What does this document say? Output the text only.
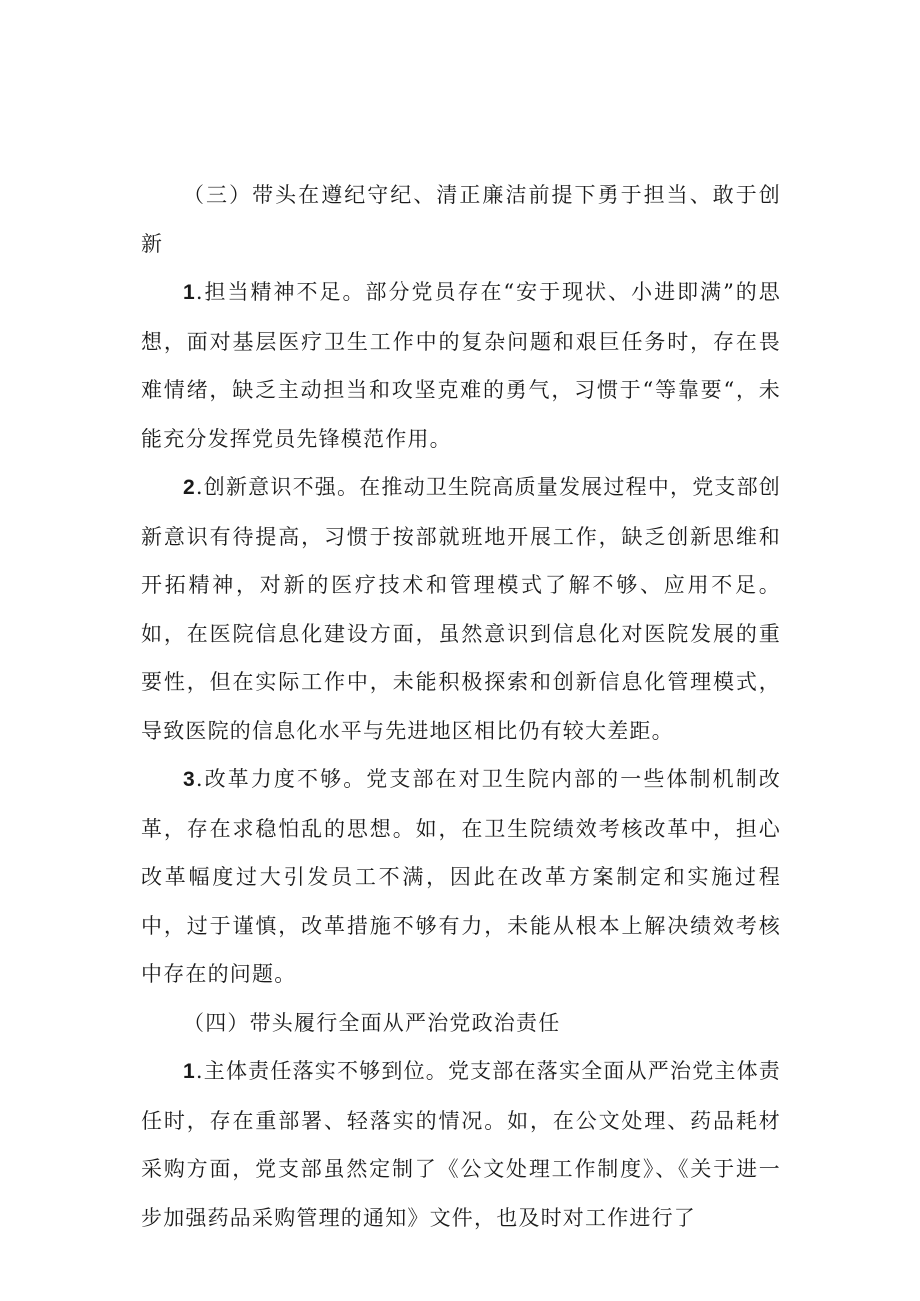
（三）带头在遵纪守纪、清正廉洁前提下勇于担当、敢于创新

1.担当精神不足。部分党员存在“安于现状、小进即满”的思想，面对基层医疗卫生工作中的复杂问题和艰巨任务时，存在畏难情绪，缺乏主动担当和攻坚克难的勇气，习惯于“等靠要“，未能充分发挥党员先锋模范作用。

2.创新意识不强。在推动卫生院高质量发展过程中，党支部创新意识有待提高，习惯于按部就班地开展工作，缺乏创新思维和开拓精神，对新的医疗技术和管理模式了解不够、应用不足。如，在医院信息化建设方面，虽然意识到信息化对医院发展的重要性，但在实际工作中，未能积极探索和创新信息化管理模式，导致医院的信息化水平与先进地区相比仍有较大差距。

3.改革力度不够。党支部在对卫生院内部的一些体制机制改革，存在求稳怕乱的思想。如，在卫生院绩效考核改革中，担心改革幅度过大引发员工不满，因此在改革方案制定和实施过程中，过于谨慎，改革措施不够有力，未能从根本上解决绩效考核中存在的问题。

（四）带头履行全面从严治党政治责任

1.主体责任落实不够到位。党支部在落实全面从严治党主体责任时，存在重部署、轻落实的情况。如，在公文处理、药品耗材采购方面，党支部虽然定制了《公文处理工作制度》、《关于进一步加强药品采购管理的通知》文件，也及时对工作进行了
